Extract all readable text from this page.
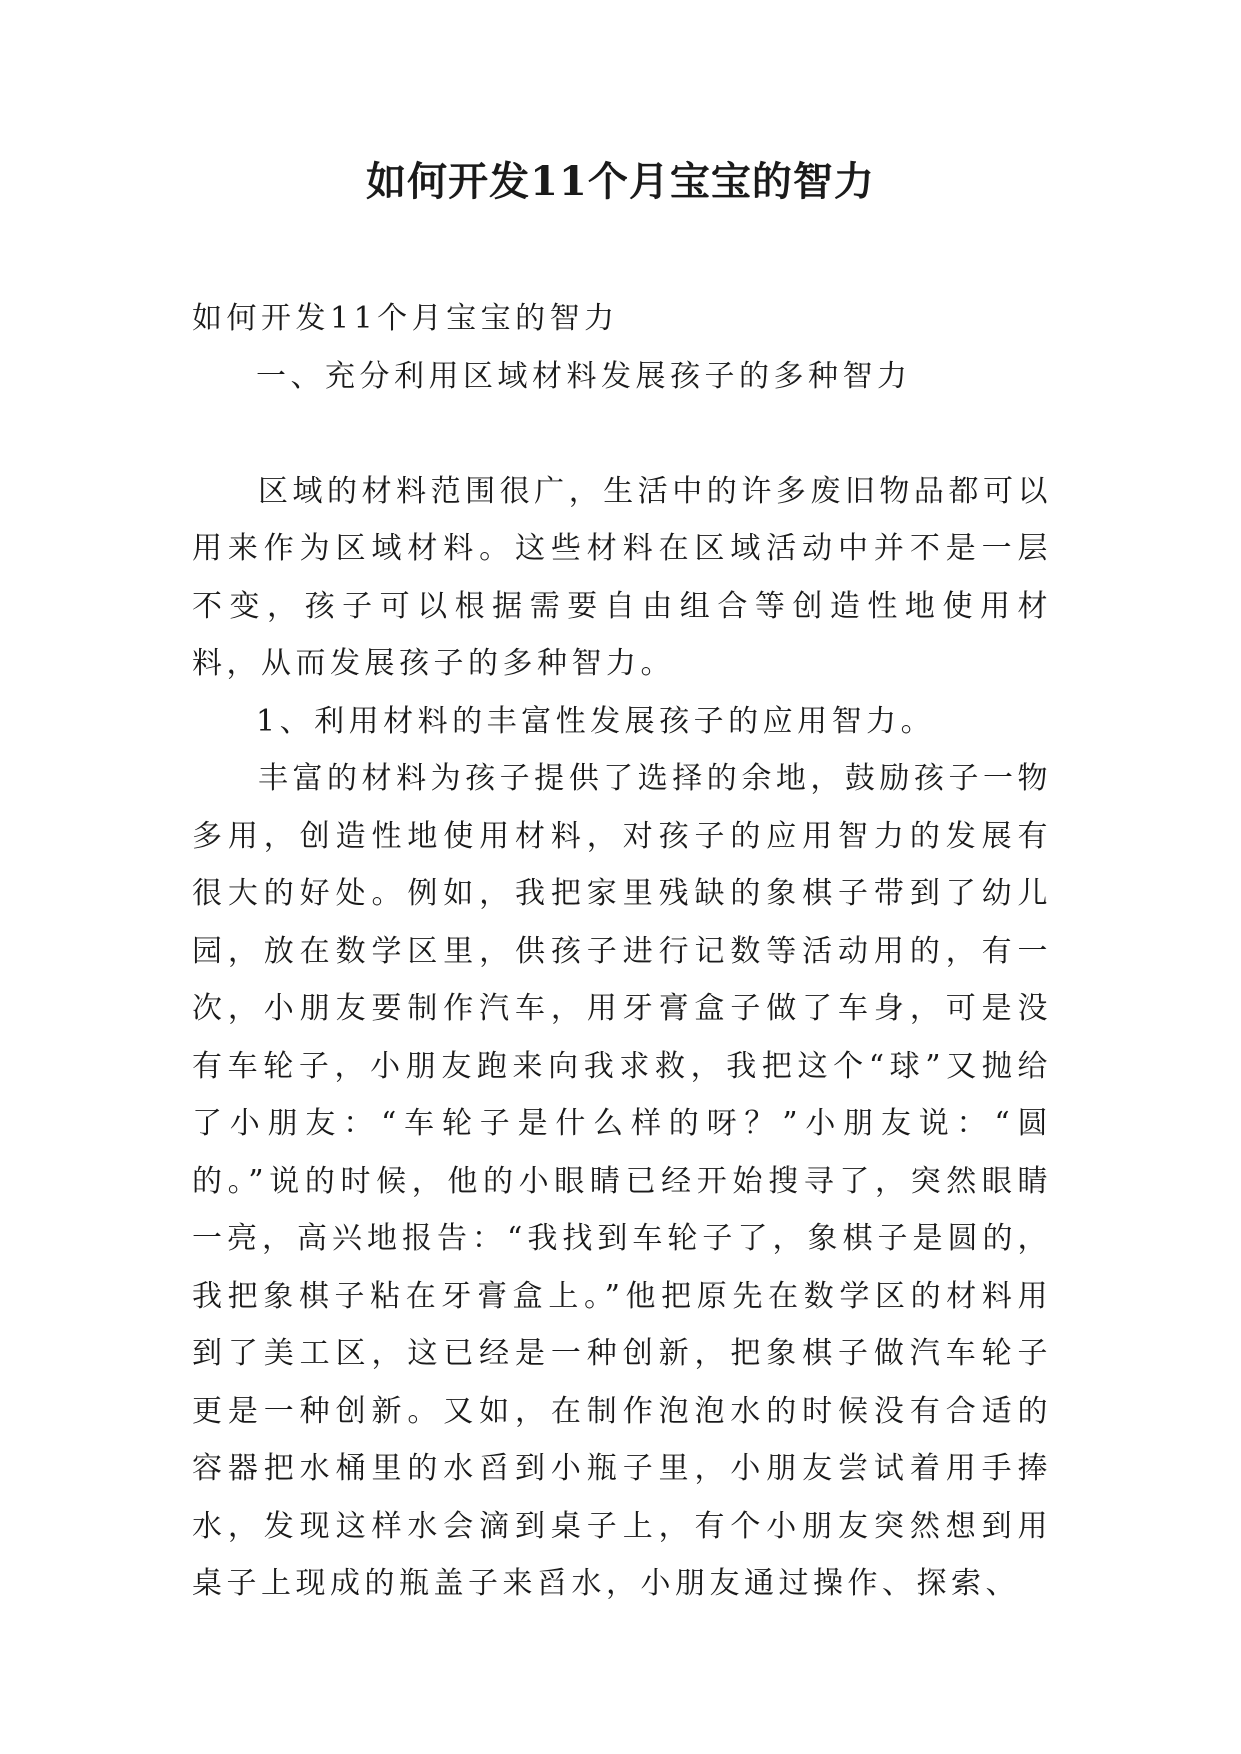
如何开发11个月宝宝的智力

如何开发11个月宝宝的智力

一、充分利用区域材料发展孩子的多种智力

区域的材料范围很广，生活中的许多废旧物品都可以用来作为区域材料。这些材料在区域活动中并不是一层不变，孩子可以根据需要自由组合等创造性地使用材料，从而发展孩子的多种智力。

1、利用材料的丰富性发展孩子的应用智力。

丰富的材料为孩子提供了选择的余地，鼓励孩子一物多用，创造性地使用材料，对孩子的应用智力的发展有很大的好处。例如，我把家里残缺的象棋子带到了幼儿园，放在数学区里，供孩子进行记数等活动用的，有一次，小朋友要制作汽车，用牙膏盒子做了车身，可是没有车轮子，小朋友跑来向我求救，我把这个“球”又抛给了小朋友：“车轮子是什么样的呀？”小朋友说：“圆的。”说的时候，他的小眼睛已经开始搜寻了，突然眼睛一亮，高兴地报告：“我找到车轮子了，象棋子是圆的，我把象棋子粘在牙膏盒上。”他把原先在数学区的材料用到了美工区，这已经是一种创新，把象棋子做汽车轮子更是一种创新。又如，在制作泡泡水的时候没有合适的容器把水桶里的水舀到小瓶子里，小朋友尝试着用手捧水，发现这样水会滴到桌子上，有个小朋友突然想到用桌子上现成的瓶盖子来舀水，小朋友通过操作、探索、
